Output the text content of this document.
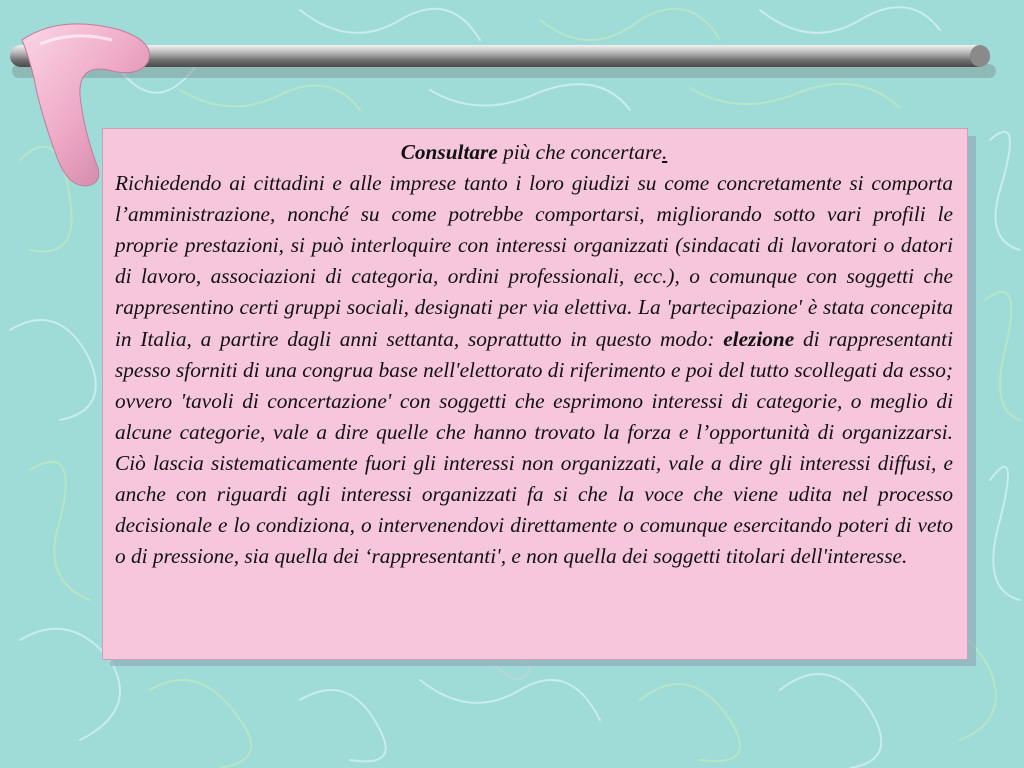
Consultare più che concertare.

Richiedendo ai cittadini e alle imprese tanto i loro giudizi su come concretamente si comporta l’amministrazione, nonché su come potrebbe comportarsi, migliorando sotto vari profili le proprie prestazioni, si può interloquire con interessi organizzati (sindacati di lavoratori o datori di lavoro, associazioni di categoria, ordini professionali, ecc.), o comunque con soggetti che rappresentino certi gruppi sociali, designati per via elettiva. La 'partecipazione' è stata concepita in Italia, a partire dagli anni settanta, soprattutto in questo modo: elezione di rappresentanti spesso sforniti di una congrua base nell'elettorato di riferimento e poi del tutto scollegati da esso; ovvero 'tavoli di concertazione' con soggetti che esprimono interessi di categorie, o meglio di alcune categorie, vale a dire quelle che hanno trovato la forza e l’opportunità di organizzarsi. Ciò lascia sistematicamente fuori gli interessi non organizzati, vale a dire gli interessi diffusi, e anche con riguardi agli interessi organizzati fa si che la voce che viene udita nel processo decisionale e lo condiziona, o intervenendovi direttamente o comunque esercitando poteri di veto o di pressione, sia quella dei ‘rappresentanti', e non quella dei soggetti titolari dell'interesse.
